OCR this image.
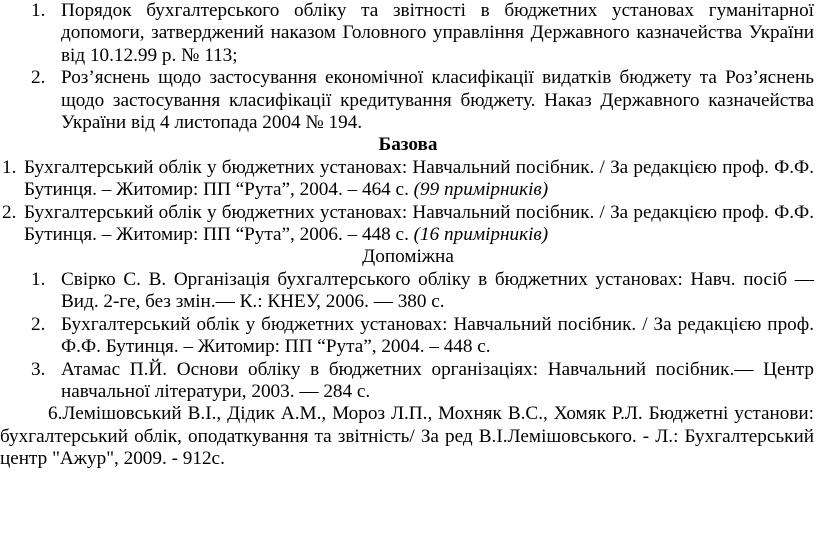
1. Порядок бухгалтерського обліку та звітності в бюджетних установах гуманітарної допомоги, затверджений наказом Головного управління Державного казначейства України від 10.12.99 р. № 113;
2. Роз’яснень щодо застосування економічної класифікації видатків бюджету та Роз’яснень щодо застосування класифікації кредитування бюджету. Наказ Державного казначейства України від 4 листопада 2004 № 194.

Базова

1. Бухгалтерський облік у бюджетних установах: Навчальний посібник. / За редакцією проф. Ф.Ф. Бутинця. – Житомир: ПП “Рута”, 2004. – 464 с. (99 примірників)
2. Бухгалтерський облік у бюджетних установах: Навчальний посібник. / За редакцією проф. Ф.Ф. Бутинця. – Житомир: ПП “Рута”, 2006. – 448 с. (16 примірників)

Допоміжна

1. Свірко С. В. Організація бухгалтерського обліку в бюджетних установах: Навч. посіб — Вид. 2-ге, без змін.— К.: КНЕУ, 2006. — 380 с.
2. Бухгалтерський облік у бюджетних установах: Навчальний посібник. / За редакцією проф. Ф.Ф. Бутинця. – Житомир: ПП “Рута”, 2004. – 448 с.
3. Атамас П.Й. Основи обліку в бюджетних організаціях: Навчальний посібник.— Центр навчальної літератури, 2003. — 284 с.

6.Лемішовський В.І., Дідик А.М., Мороз Л.П., Мохняк В.С., Хомяк Р.Л. Бюджетні установи: бухгалтерський облік, оподаткування та звітність/ За ред В.І.Лемішовського. - Л.: Бухгалтерський центр "Ажур", 2009. - 912с.
